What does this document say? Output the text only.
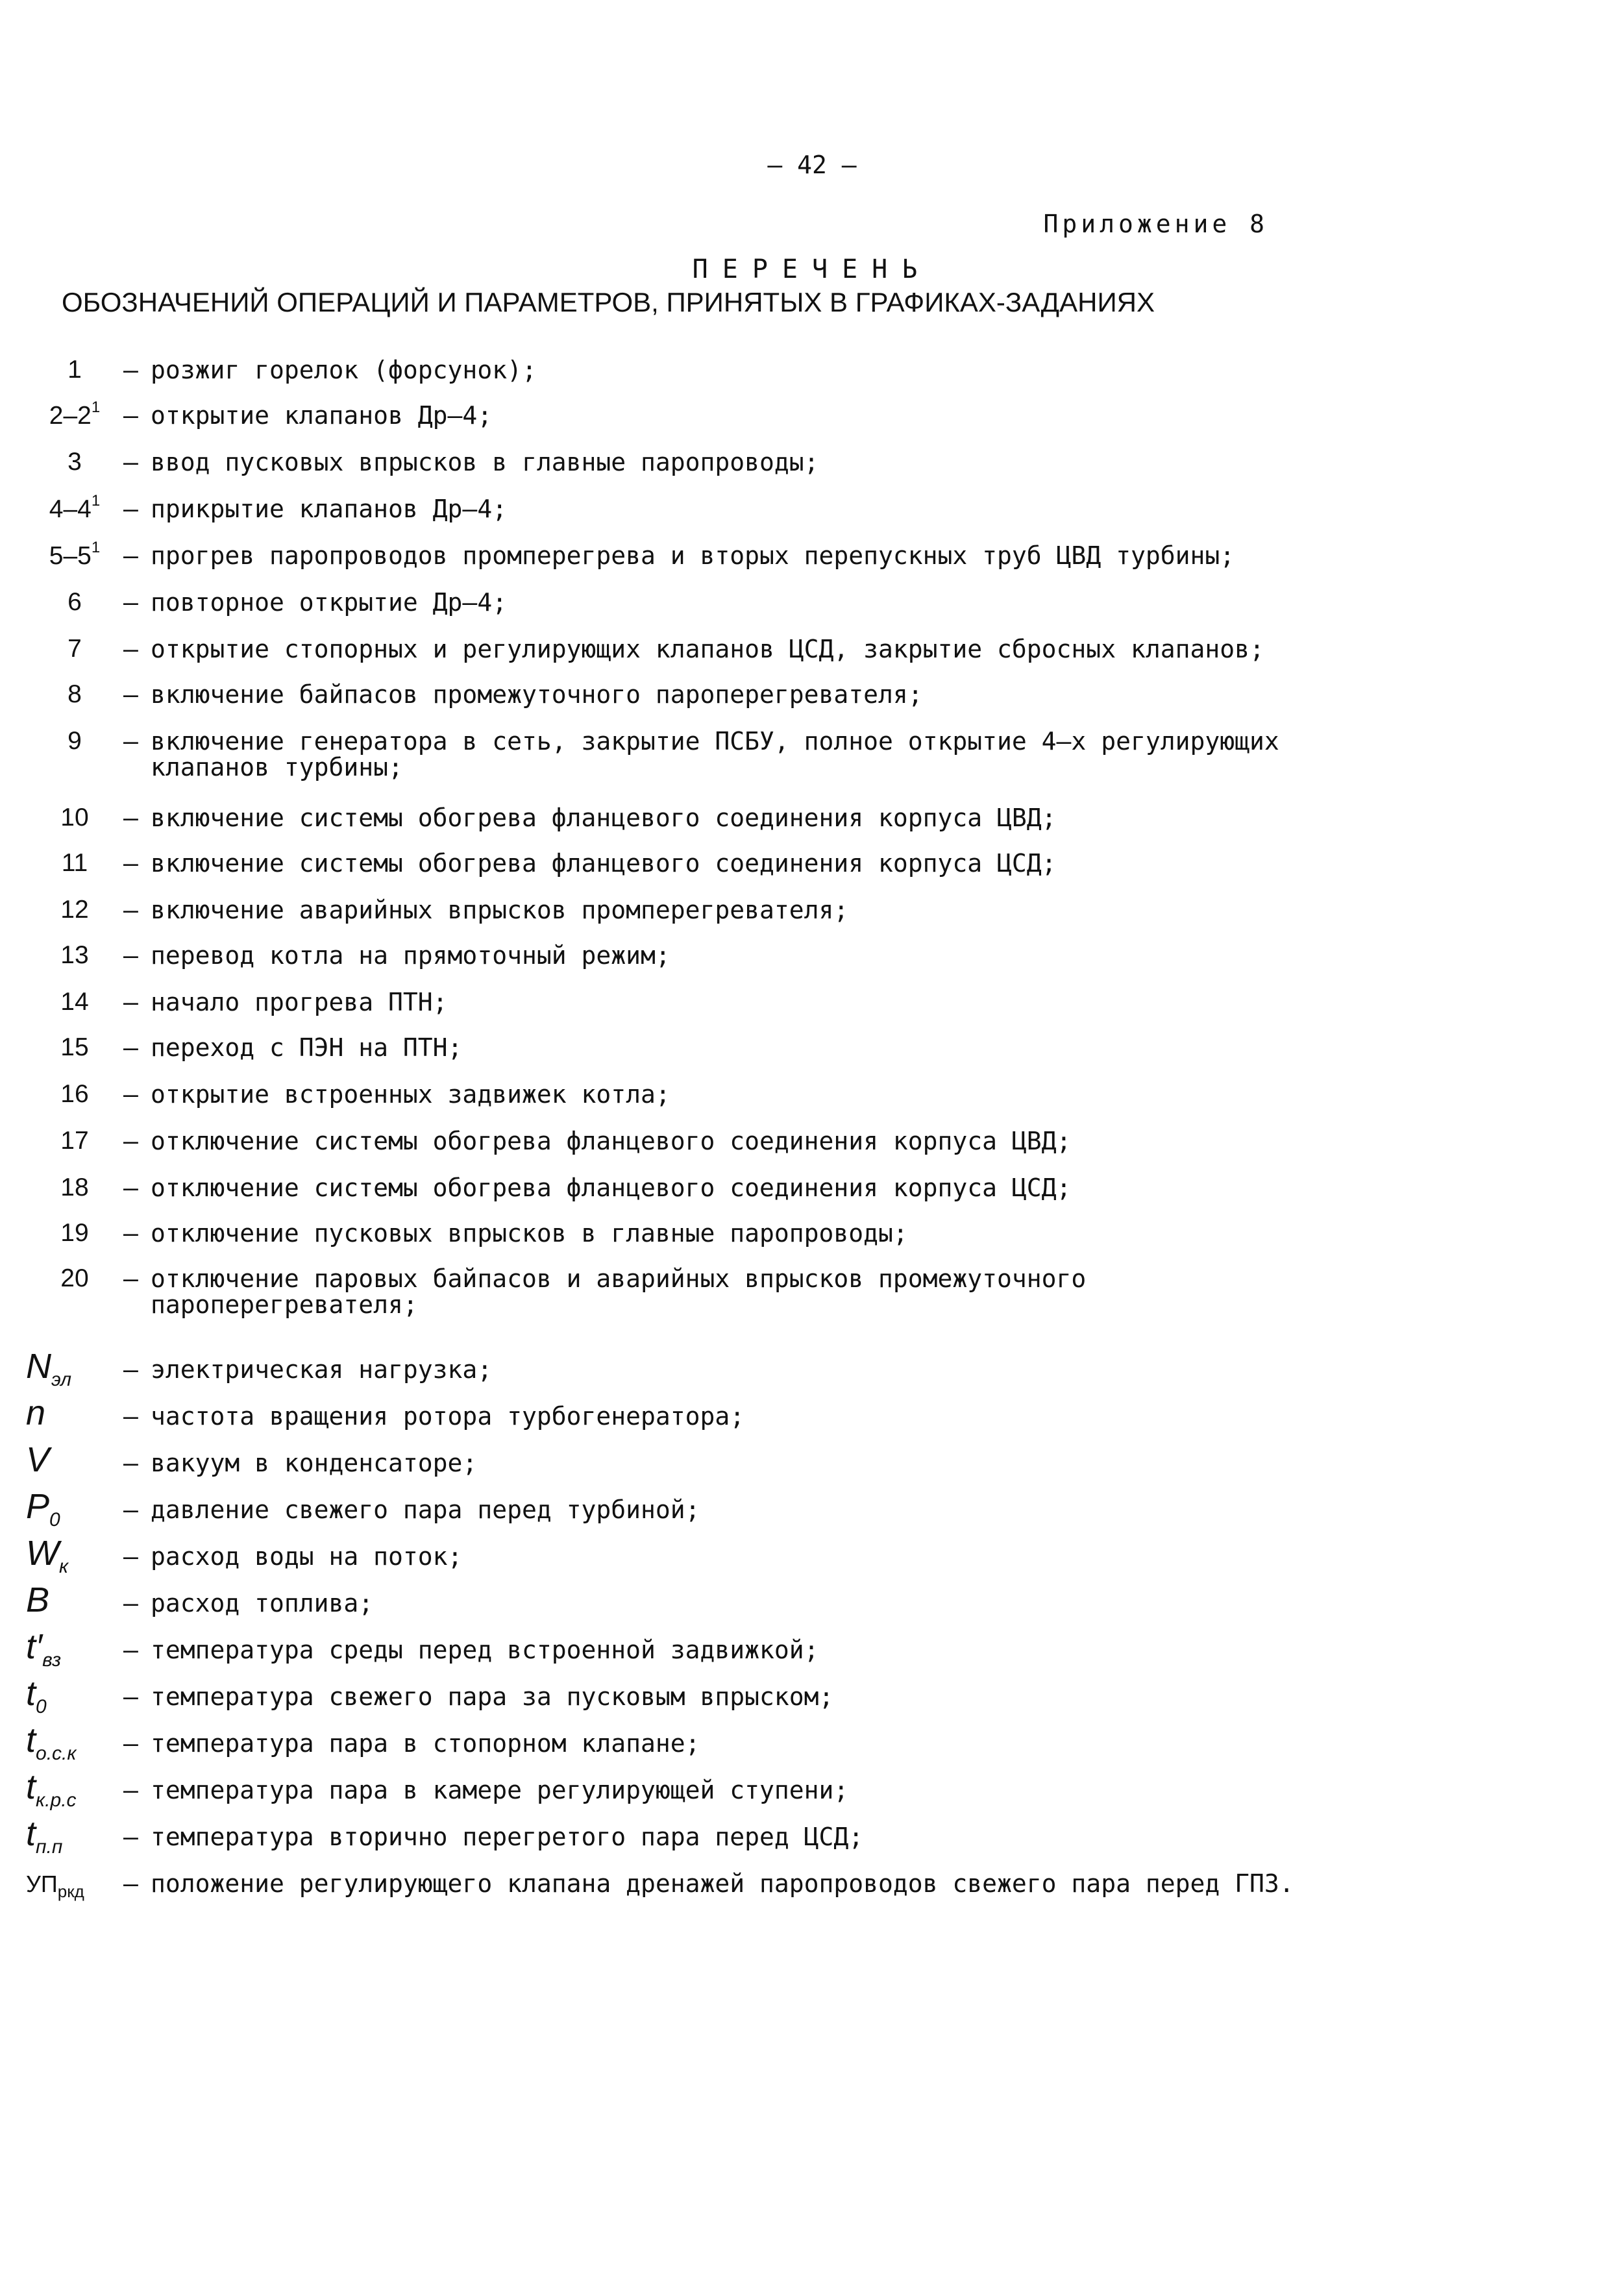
– 42 –
Приложение 8
ПЕРЕЧЕНЬ
ОБОЗНАЧЕНИЙ ОПЕРАЦИЙ И ПАРАМЕТРОВ, ПРИНЯТЫХ В ГРАФИКАХ-ЗАДАНИЯХ
1	– розжиг горелок (форсунок);
$2-2^1$ – открытие клапанов Др–4;
3	– ввод пусковых впрысков в главные паропроводы;
$4-4^1$ – прикрытие клапанов Др–4;
$5-5^1$ – прогрев паропроводов промперегрева и вторых перепускных труб ЦВД турбины;
6	– повторное открытие Др–4;
7	– открытие стопорных и регулирующих клапанов ЦСД, закрытие сбросных клапанов;
8	– включение байпасов промежуточного пароперегревателя;
9	– включение генератора в сеть, закрытие ПСБУ, полное открытие 4–х регулирующих клапанов турбины;
10	– включение системы обогрева фланцевого соединения корпуса ЦВД;
11	– включение системы обогрева фланцевого соединения корпуса ЦСД;
12	– включение аварийных впрысков промперегревателя;
13	– перевод котла на прямоточный режим;
14	– начало прогрева ПТН;
15	– переход с ПЭН на ПТН;
16	– открытие встроенных задвижек котла;
17	– отключение системы обогрева фланцевого соединения корпуса ЦВД;
18	– отключение системы обогрева фланцевого соединения корпуса ЦСД;
19	– отключение пусковых впрысков в главные паропроводы;
20	– отключение паровых байпасов и аварийных впрысков промежуточного пароперегревателя;
$N_{эл}$	– электрическая нагрузка;
n	– частота вращения ротора турбогенератора;
V	– вакуум в конденсаторе;
$P_0$	– давление свежего пара перед турбиной;
$W_к$	– расход воды на поток;
B	– расход топлива;
$t'_{вз}$	– температура среды перед встроенной задвижкой;
$t_0$	– температура свежего пара за пусковым впрыском;
$t_{о.с.к}$	– температура пара в стопорном клапане;
$t_{к.р.с}$	– температура пара в камере регулирующей ступени;
$t_{п.п}$	– температура вторично перегретого пара перед ЦСД;
$УП_{ркд}$	– положение регулирующего клапана дренажей паропроводов свежего пара перед ГПЗ.
